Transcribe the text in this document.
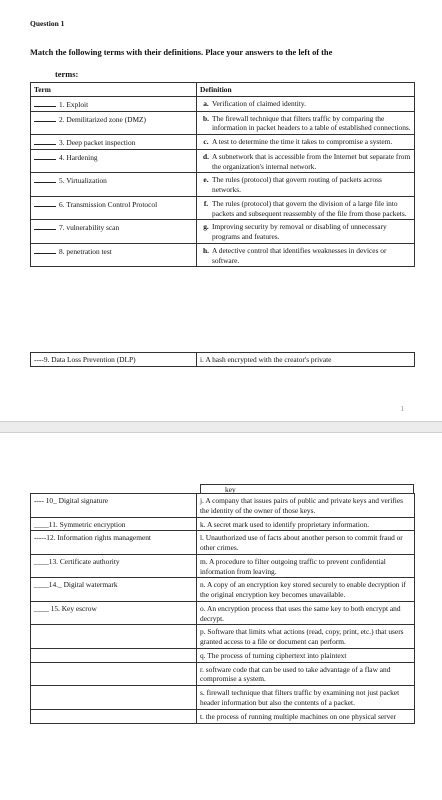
Question 1
Match the following terms with their definitions. Place your answers to the left of the
terms:
Term	Definition
1. Exploit	a. Verification of claimed identity.

2. Demilitarized zone (DMZ)	b. The firewall technique that filters traffic by comparing the information in packet headers to a table of established connections.

3. Deep packet inspection	c. A test to determine the time it takes to compromise a system.

4. Hardening	d. A subnetwork that is accessible from the Internet but separate from the organization's internal network.

5. Virtualization	e. The rules (protocol) that govern routing of packets across networks.

6. Transmission Control Protocol	f. The rules (protocol) that govern the division of a large file into packets and subsequent reassembly of the file from those packets.

7. vulnerability scan	g. Improving security by removal or disabling of unnecessary programs and features.

8. penetration test	h. A detective control that identifies weaknesses in devices or software.
----9. Data Loss Prevention (DLP)	i. A hash encrypted with the creator's private
1
key
---- 10_ Digital signature	j. A company that issues pairs of public and private keys and verifies the identity of the owner of those keys.
____11. Symmetric encryption	k. A secret mark used to identify proprietary information.
-----12. Information rights management	l. Unauthorized use of facts about another person to commit fraud or other crimes.
____13. Certificate authority	m. A procedure to filter outgoing traffic to prevent confidential information from leaving.
____14._ Digital watermark	n. A copy of an encryption key stored securely to enable decryption if the original encryption key becomes unavailable.
____ 15. Key escrow	o. An encryption process that uses the same key to both encrypt and decrypt.
	p. Software that limits what actions (read, copy, print, etc.) that users granted access to a file or document can perform.
	q. The process of turning ciphertext into plaintext
	r. software code that can be used to take advantage of a flaw and compromise a system.
	s. firewall technique that filters traffic by examining not just packet header information but also the contents of a packet.
	t. the process of running multiple machines on one physical server
